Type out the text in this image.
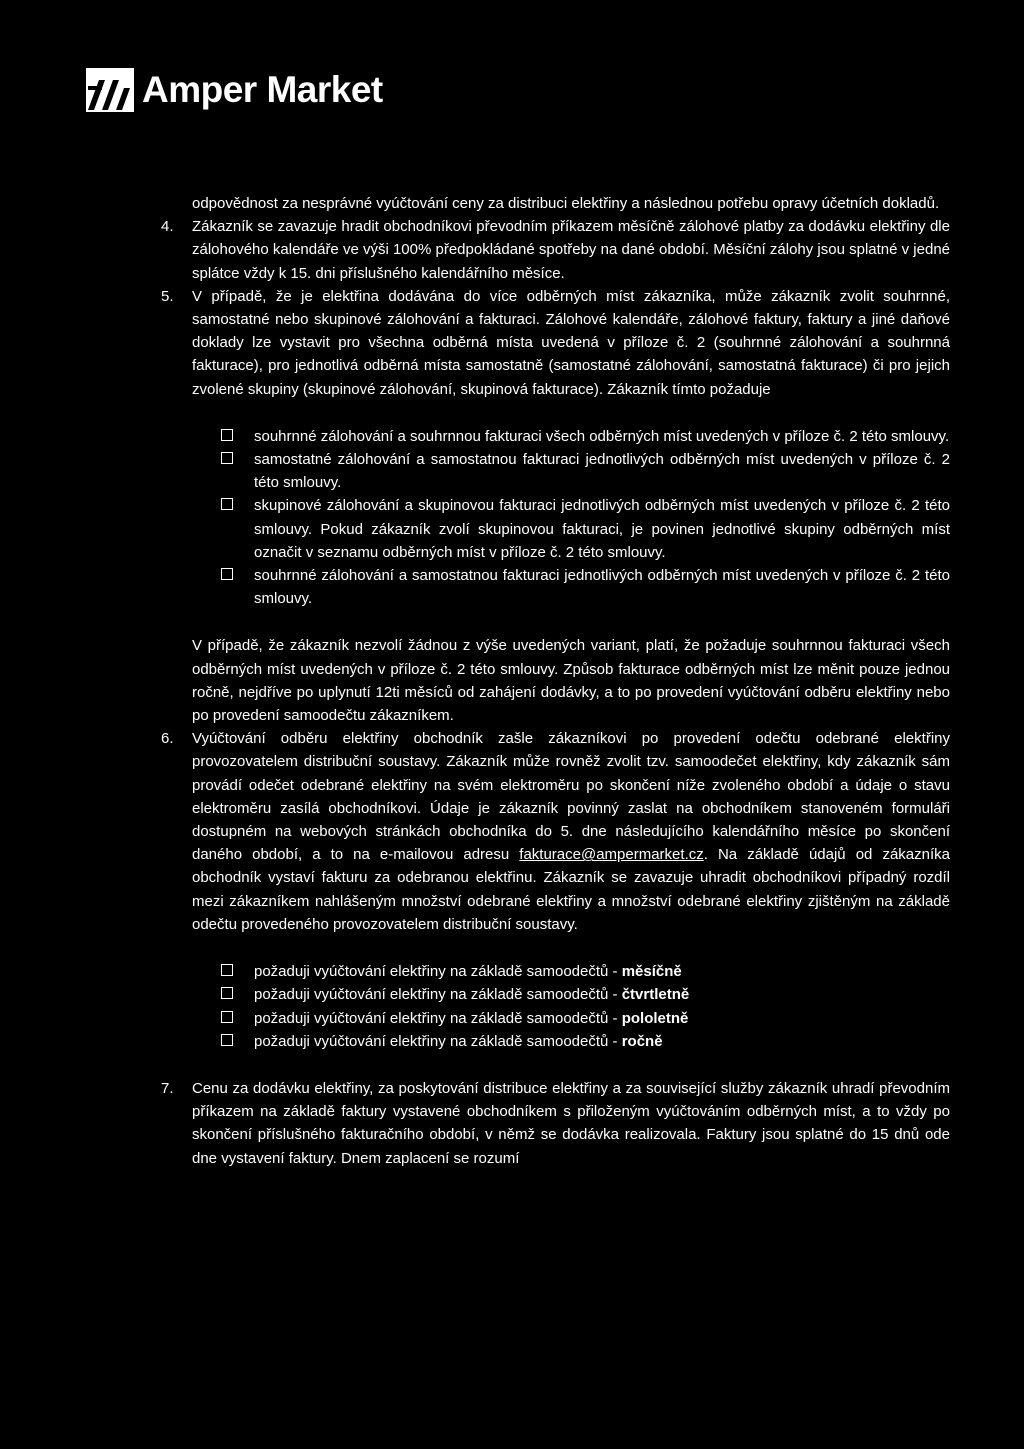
Amper Market

odpovědnost za nesprávné vyúčtování ceny za distribuci elektřiny a následnou potřebu opravy účetních dokladů.

4. Zákazník se zavazuje hradit obchodníkovi převodním příkazem měsíčně zálohové platby za dodávku elektřiny dle zálohového kalendáře ve výši 100% předpokládané spotřeby na dané období. Měsíční zálohy jsou splatné v jedné splátce vždy k 15. dni příslušného kalendářního měsíce.

5. V případě, že je elektřina dodávána do více odběrných míst zákazníka, může zákazník zvolit souhrnné, samostatné nebo skupinové zálohování a fakturaci. Zálohové kalendáře, zálohové faktury, faktury a jiné daňové doklady lze vystavit pro všechna odběrná místa uvedená v příloze č. 2 (souhrnné zálohování a souhrnná fakturace), pro jednotlivá odběrná místa samostatně (samostatné zálohování, samostatná fakturace) či pro jejich zvolené skupiny (skupinové zálohování, skupinová fakturace). Zákazník tímto požaduje

souhrnné zálohování a souhrnnou fakturaci všech odběrných míst uvedených v příloze č. 2 této smlouvy.
samostatné zálohování a samostatnou fakturaci jednotlivých odběrných míst uvedených v příloze č. 2 této smlouvy.
skupinové zálohování a skupinovou fakturaci jednotlivých odběrných míst uvedených v příloze č. 2 této smlouvy. Pokud zákazník zvolí skupinovou fakturaci, je povinen jednotlivé skupiny odběrných míst označit v seznamu odběrných míst v příloze č. 2 této smlouvy.
souhrnné zálohování a samostatnou fakturaci jednotlivých odběrných míst uvedených v příloze č. 2 této smlouvy.

V případě, že zákazník nezvolí žádnou z výše uvedených variant, platí, že požaduje souhrnnou fakturaci všech odběrných míst uvedených v příloze č. 2 této smlouvy. Způsob fakturace odběrných míst lze měnit pouze jednou ročně, nejdříve po uplynutí 12ti měsíců od zahájení dodávky, a to po provedení vyúčtování odběru elektřiny nebo po provedení samoodečtu zákazníkem.

6. Vyúčtování odběru elektřiny obchodník zašle zákazníkovi po provedení odečtu odebrané elektřiny provozovatelem distribuční soustavy. Zákazník může rovněž zvolit tzv. samoodečet elektřiny, kdy zákazník sám provádí odečet odebrané elektřiny na svém elektroměru po skončení níže zvoleného období a údaje o stavu elektroměru zasílá obchodníkovi. Údaje je zákazník povinný zaslat na obchodníkem stanoveném formuláři dostupném na webových stránkách obchodníka do 5. dne následujícího kalendářního měsíce po skončení daného období, a to na e-mailovou adresu fakturace@ampermarket.cz. Na základě údajů od zákazníka obchodník vystaví fakturu za odebranou elektřinu. Zákazník se zavazuje uhradit obchodníkovi případný rozdíl mezi zákazníkem nahlášeným množství odebrané elektřiny a množství odebrané elektřiny zjištěným na základě odečtu provedeného provozovatelem distribuční soustavy.

požaduji vyúčtování elektřiny na základě samoodečtů - měsíčně
požaduji vyúčtování elektřiny na základě samoodečtů - čtvrtletně
požaduji vyúčtování elektřiny na základě samoodečtů - pololetně
požaduji vyúčtování elektřiny na základě samoodečtů - ročně
7. Cenu za dodávku elektřiny, za poskytování distribuce elektřiny a za související služby zákazník uhradí převodním příkazem na základě faktury vystavené obchodníkem s přiloženým vyúčtováním odběrných míst, a to vždy po skončení příslušného fakturačního období, v němž se dodávka realizovala. Faktury jsou splatné do 15 dnů ode dne vystavení faktury. Dnem zaplacení se rozumí
